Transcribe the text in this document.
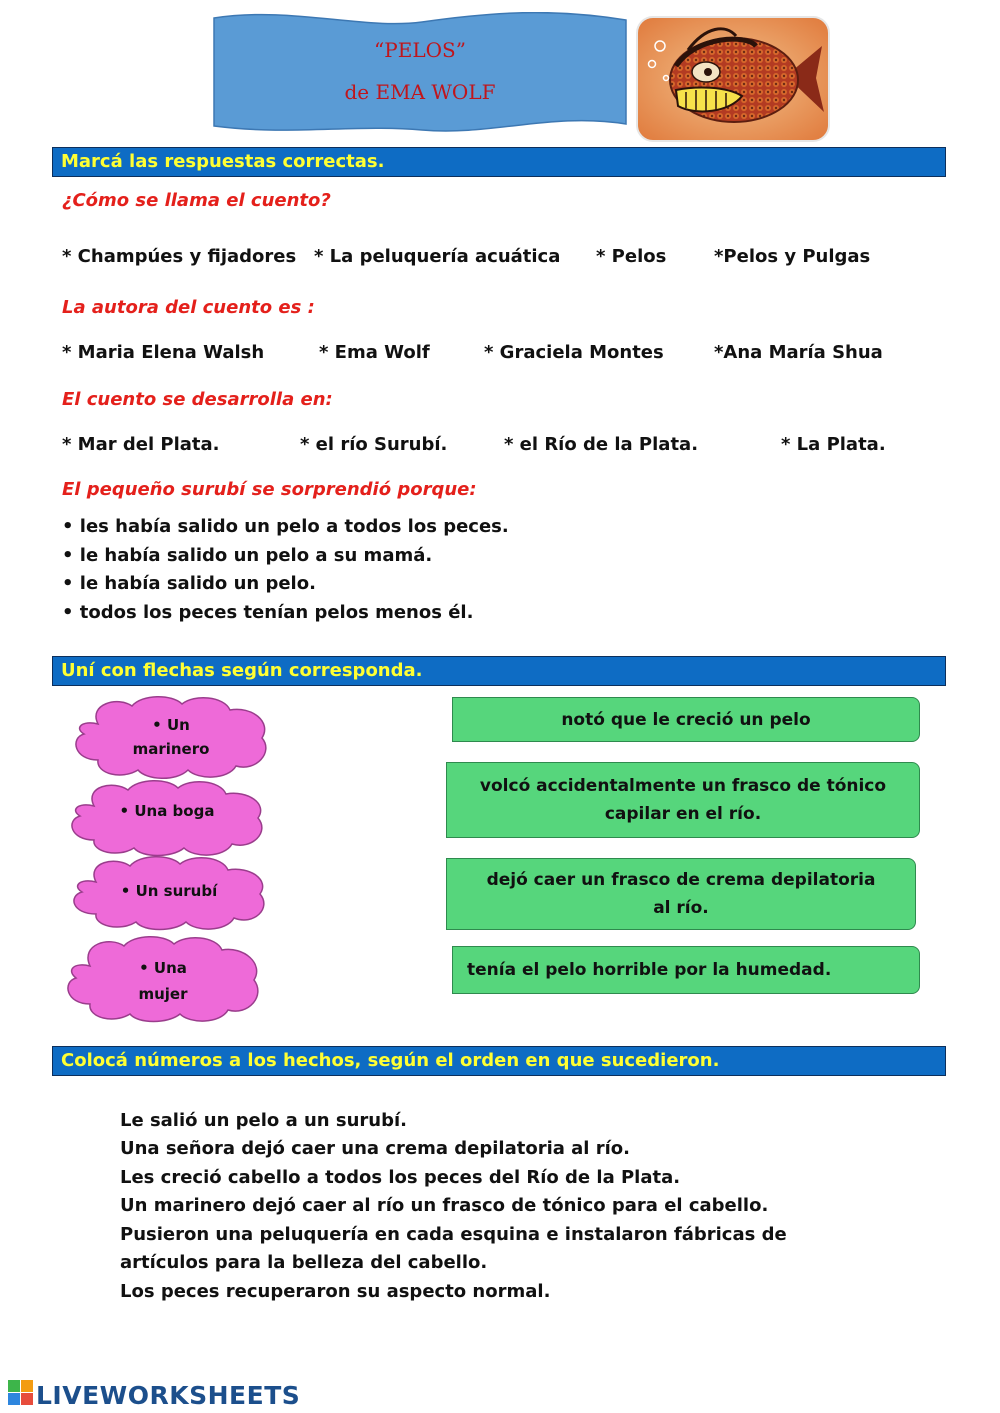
“PELOS”
de EMA WOLF
Marcá las respuestas correctas.
¿Cómo se llama el cuento?
* Champúes y fijadores * La peluquería acuática * Pelos	*Pelos y Pulgas
La autora del cuento es :
* Maria Elena Walsh	* Ema Wolf	* Graciela Montes	*Ana María Shua
El cuento se desarrolla en:
* Mar del Plata.	* el río Surubí.	* el Río de la Plata.	* La Plata.
El pequeño surubí se sorprendió porque:
• les había salido un pelo a todos los peces.
• le había salido un pelo a su mamá.
• le había salido un pelo.
• todos los peces tenían pelos menos él.
Uní con flechas según corresponda.
• Un
marinero
• Una boga
• Un surubí
• Una
mujer
notó que le creció un pelo
volcó accidentalmente un frasco de tónico
capilar en el río.
dejó caer un frasco de crema depilatoria
al río.
tenía el pelo horrible por la humedad.
Colocá números a los hechos, según el orden en que sucedieron.
Le salió un pelo a un surubí.
Una señora dejó caer una crema depilatoria al río.
Les creció cabello a todos los peces del Río de la Plata.
Un marinero dejó caer al río un frasco de tónico para el cabello.
Pusieron una peluquería en cada esquina e instalaron fábricas de
artículos para la belleza del cabello.
Los peces recuperaron su aspecto normal.
LIVEWORKSHEETS
